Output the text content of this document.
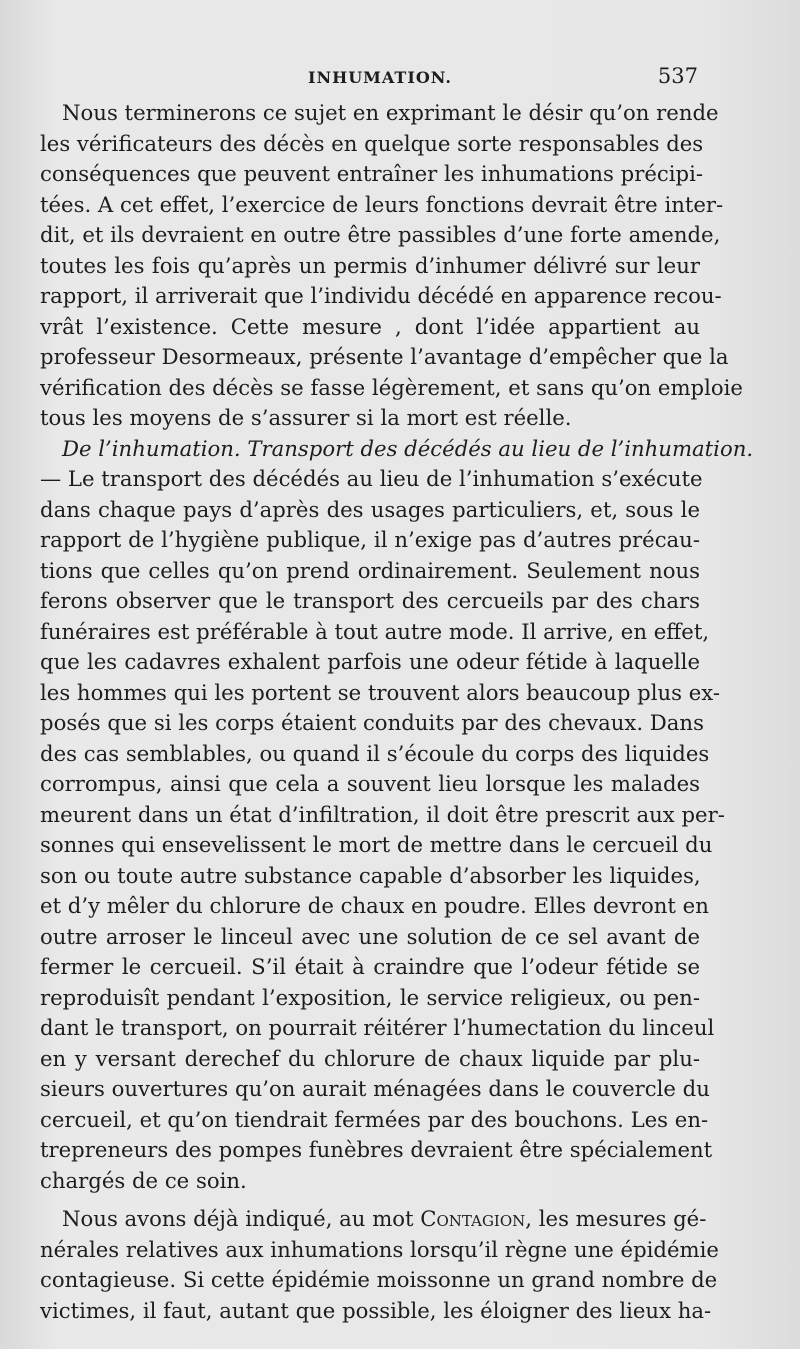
INHUMATION.	537
Nous terminerons ce sujet en exprimant le désir qu’on rende
les vérificateurs des décès en quelque sorte responsables des
conséquences que peuvent entraîner les inhumations précipi-
tées. A cet effet, l’exercice de leurs fonctions devrait être inter-
dit, et ils devraient en outre être passibles d’une forte amende,
toutes les fois qu’après un permis d’inhumer délivré sur leur
rapport, il arriverait que l’individu décédé en apparence recou-
vrât l’existence. Cette mesure , dont l’idée appartient au
professeur Desormeaux, présente l’avantage d’empêcher que la
vérification des décès se fasse légèrement, et sans qu’on emploie
tous les moyens de s’assurer si la mort est réelle.
De l’inhumation. Transport des décédés au lieu de l’inhumation.
— Le transport des décédés au lieu de l’inhumation s’exécute
dans chaque pays d’après des usages particuliers, et, sous le
rapport de l’hygiène publique, il n’exige pas d’autres précau-
tions que celles qu’on prend ordinairement. Seulement nous
ferons observer que le transport des cercueils par des chars
funéraires est préférable à tout autre mode. Il arrive, en effet,
que les cadavres exhalent parfois une odeur fétide à laquelle
les hommes qui les portent se trouvent alors beaucoup plus ex-
posés que si les corps étaient conduits par des chevaux. Dans
des cas semblables, ou quand il s’écoule du corps des liquides
corrompus, ainsi que cela a souvent lieu lorsque les malades
meurent dans un état d’infiltration, il doit être prescrit aux per-
sonnes qui ensevelissent le mort de mettre dans le cercueil du
son ou toute autre substance capable d’absorber les liquides,
et d’y mêler du chlorure de chaux en poudre. Elles devront en
outre arroser le linceul avec une solution de ce sel avant de
fermer le cercueil. S’il était à craindre que l’odeur fétide se
reproduisît pendant l’exposition, le service religieux, ou pen-
dant le transport, on pourrait réitérer l’humectation du linceul
en y versant derechef du chlorure de chaux liquide par plu-
sieurs ouvertures qu’on aurait ménagées dans le couvercle du
cercueil, et qu’on tiendrait fermées par des bouchons. Les en-
trepreneurs des pompes funèbres devraient être spécialement
chargés de ce soin.
Nous avons déjà indiqué, au mot Contagion, les mesures gé-
nérales relatives aux inhumations lorsqu’il règne une épidémie
contagieuse. Si cette épidémie moissonne un grand nombre de
victimes, il faut, autant que possible, les éloigner des lieux ha-
